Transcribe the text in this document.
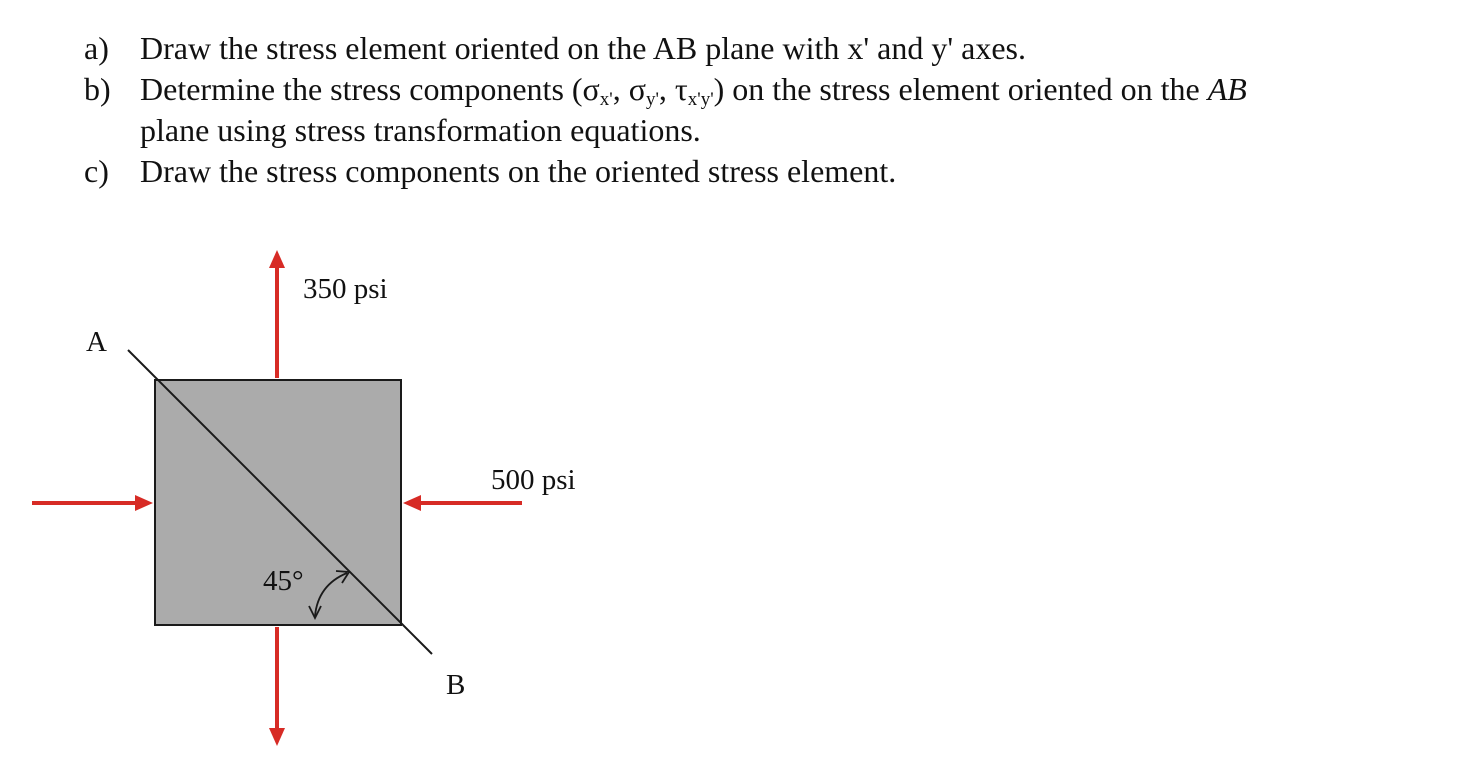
a) Draw the stress element oriented on the AB plane with x' and y' axes.
b) Determine the stress components ($\sigma_{x'}$, $\sigma_{y'}$, $\tau_{x'y'}$) on the stress element oriented on the AB
plane using stress transformation equations.
c) Draw the stress components on the oriented stress element.
A
B
350 psi
500 psi
45°
